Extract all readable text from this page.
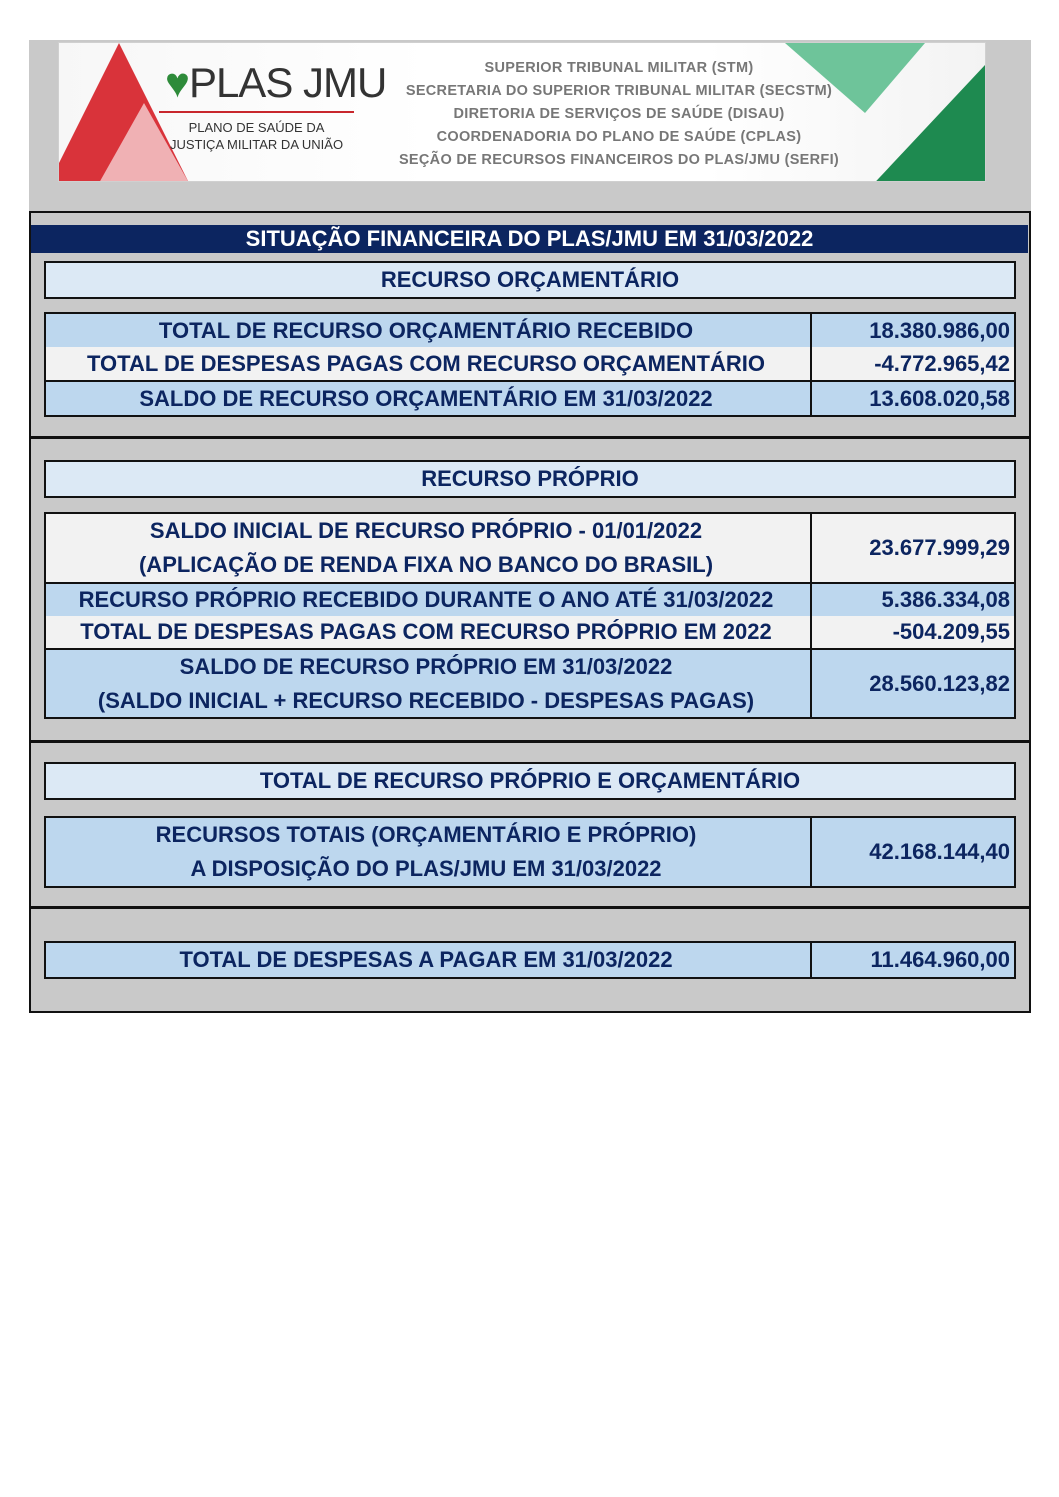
♥PLAS JMU
PLANO DE SAÚDE DA
JUSTIÇA MILITAR DA UNIÃO
SUPERIOR TRIBUNAL MILITAR (STM)
SECRETARIA DO SUPERIOR TRIBUNAL MILITAR (SECSTM)
DIRETORIA DE SERVIÇOS DE SAÚDE (DISAU)
COORDENADORIA DO PLANO DE SAÚDE (CPLAS)
SEÇÃO DE RECURSOS FINANCEIROS DO PLAS/JMU (SERFI)
SITUAÇÃO FINANCEIRA DO PLAS/JMU EM 31/03/2022
RECURSO ORÇAMENTÁRIO
TOTAL DE RECURSO ORÇAMENTÁRIO RECEBIDO	18.380.986,00
TOTAL DE DESPESAS PAGAS COM RECURSO ORÇAMENTÁRIO	-4.772.965,42
SALDO DE RECURSO ORÇAMENTÁRIO EM 31/03/2022	13.608.020,58
RECURSO PRÓPRIO
SALDO INICIAL DE RECURSO PRÓPRIO - 01/01/2022
(APLICAÇÃO DE RENDA FIXA NO BANCO DO BRASIL)
23.677.999,29
RECURSO PRÓPRIO RECEBIDO DURANTE O ANO ATÉ 31/03/2022	5.386.334,08
TOTAL DE DESPESAS PAGAS COM RECURSO PRÓPRIO EM 2022	-504.209,55
SALDO DE RECURSO PRÓPRIO EM 31/03/2022
(SALDO INICIAL + RECURSO RECEBIDO - DESPESAS PAGAS)
28.560.123,82
TOTAL DE RECURSO PRÓPRIO E ORÇAMENTÁRIO
RECURSOS TOTAIS (ORÇAMENTÁRIO E PRÓPRIO)
A DISPOSIÇÃO DO PLAS/JMU EM 31/03/2022
42.168.144,40
TOTAL DE DESPESAS A PAGAR EM 31/03/2022	11.464.960,00
